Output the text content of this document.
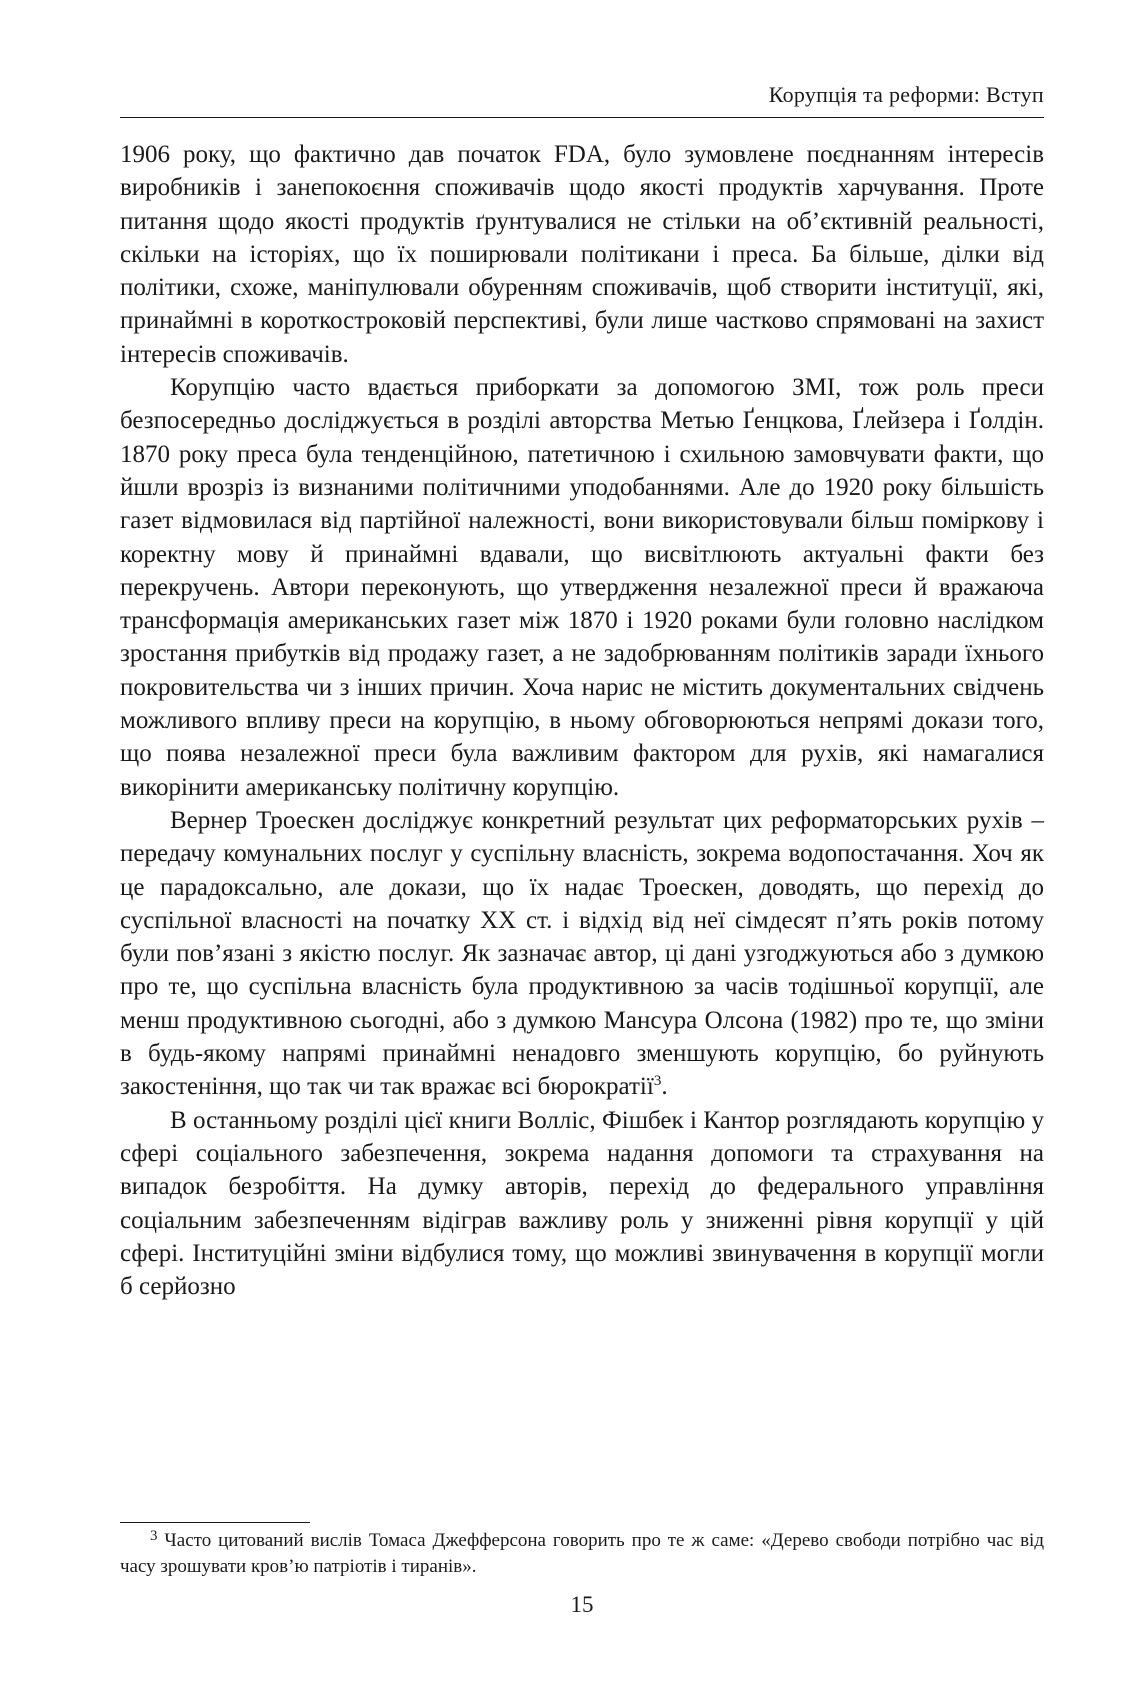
Корупція та реформи: Вступ

1906 року, що фактично дав початок FDA, було зумовлене поєднанням інтересів виробників і занепокоєння споживачів щодо якості продуктів харчування. Проте питання щодо якості продуктів ґрунтувалися не стільки на об’єктивній реальності, скільки на історіях, що їх поширювали політикани і преса. Ба більше, ділки від політики, схоже, маніпулювали обуренням споживачів, щоб створити інституції, які, принаймні в короткостроковій перспективі, були лише частково спрямовані на захист інтересів споживачів.

Корупцію часто вдається приборкати за допомогою ЗМІ, тож роль преси безпосередньо досліджується в розділі авторства Метью Ґенцкова, Ґлейзера і Ґолдін. 1870 року преса була тенденційною, патетичною і схильною замовчувати факти, що йшли врозріз із визнаними політичними уподобаннями. Але до 1920 року більшість газет відмовилася від партійної належності, вони використовували більш поміркову і коректну мову й принаймні вдавали, що висвітлюють актуальні факти без перекручень. Автори переконують, що утвердження незалежної преси й вражаюча трансформація американських газет між 1870 і 1920 роками були головно наслідком зростання прибутків від продажу газет, а не задобрюванням політиків заради їхнього покровительства чи з інших причин. Хоча нарис не містить документальних свідчень можливого впливу преси на корупцію, в ньому обговорюються непрямі докази того, що поява незалежної преси була важливим фактором для рухів, які намагалися викорінити американську політичну корупцію.

Вернер Троескен досліджує конкретний результат цих реформаторських рухів – передачу комунальних послуг у суспільну власність, зокрема водопостачання. Хоч як це парадоксально, але докази, що їх надає Троескен, доводять, що перехід до суспільної власності на початку ХХ ст. і відхід від неї сімдесят п’ять років потому були пов’язані з якістю послуг. Як зазначає автор, ці дані узгоджуються або з думкою про те, що суспільна власність була продуктивною за часів тодішньої корупції, але менш продуктивною сьогодні, або з думкою Мансура Олсона (1982) про те, що зміни в будь-якому напрямі принаймні ненадовго зменшують корупцію, бо руйнують закостеніння, що так чи так вражає всі бюрократії$^3$.

В останньому розділі цієї книги Волліс, Фішбек і Кантор розглядають корупцію у сфері соціального забезпечення, зокрема надання допомоги та страхування на випадок безробіття. На думку авторів, перехід до федерального управління соціальним забезпеченням відіграв важливу роль у зниженні рівня корупції у цій сфері. Інституційні зміни відбулися тому, що можливі звинувачення в корупції могли б серйозно

$^3$ Часто цитований вислів Томаса Джефферсона говорить про те ж саме: «Дерево свободи потрібно час від часу зрошувати кров’ю патріотів і тиранів».
15
